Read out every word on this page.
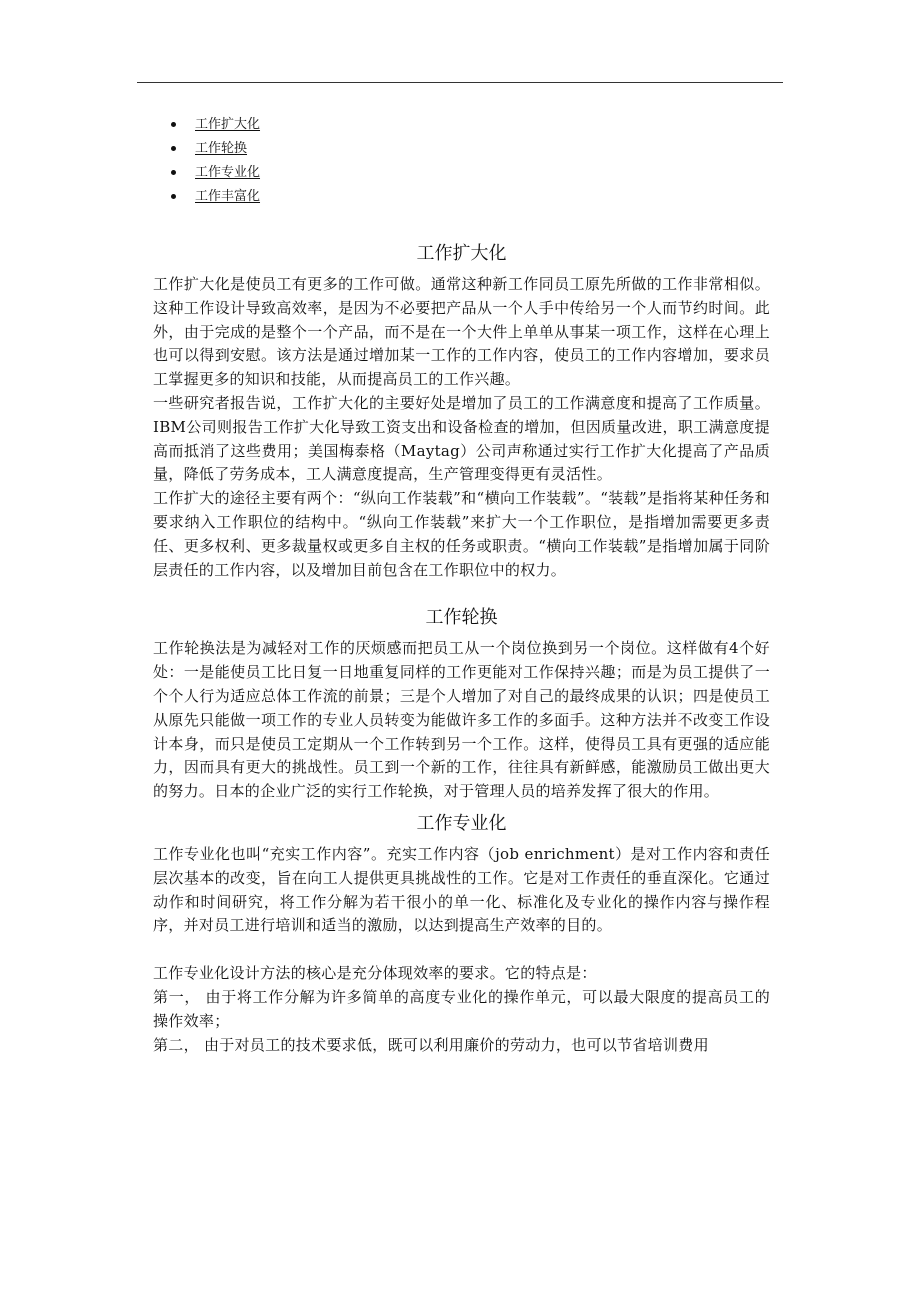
工作扩大化
工作轮换
工作专业化
工作丰富化
工作扩大化

工作扩大化是使员工有更多的工作可做。通常这种新工作同员工原先所做的工作非常相似。这种工作设计导致高效率，是因为不必要把产品从一个人手中传给另一个人而节约时间。此外，由于完成的是整个一个产品，而不是在一个大件上单单从事某一项工作，这样在心理上也可以得到安慰。该方法是通过增加某一工作的工作内容，使员工的工作内容增加，要求员工掌握更多的知识和技能，从而提高员工的工作兴趣。

一些研究者报告说，工作扩大化的主要好处是增加了员工的工作满意度和提高了工作质量。IBM公司则报告工作扩大化导致工资支出和设备检查的增加，但因质量改进，职工满意度提高而抵消了这些费用；美国梅泰格（Maytag）公司声称通过实行工作扩大化提高了产品质量，降低了劳务成本，工人满意度提高，生产管理变得更有灵活性。

工作扩大的途径主要有两个：“纵向工作装载”和“横向工作装载”。“装载”是指将某种任务和要求纳入工作职位的结构中。“纵向工作装载”来扩大一个工作职位，是指增加需要更多责任、更多权利、更多裁量权或更多自主权的任务或职责。“横向工作装载”是指增加属于同阶层责任的工作内容，以及增加目前包含在工作职位中的权力。

工作轮换

工作轮换法是为减轻对工作的厌烦感而把员工从一个岗位换到另一个岗位。这样做有4个好处：一是能使员工比日复一日地重复同样的工作更能对工作保持兴趣；而是为员工提供了一个个人行为适应总体工作流的前景；三是个人增加了对自己的最终成果的认识；四是使员工从原先只能做一项工作的专业人员转变为能做许多工作的多面手。这种方法并不改变工作设计本身，而只是使员工定期从一个工作转到另一个工作。这样，使得员工具有更强的适应能力，因而具有更大的挑战性。员工到一个新的工作，往往具有新鲜感，能激励员工做出更大的努力。日本的企业广泛的实行工作轮换，对于管理人员的培养发挥了很大的作用。

工作专业化

工作专业化也叫“充实工作内容”。充实工作内容（job enrichment）是对工作内容和责任层次基本的改变，旨在向工人提供更具挑战性的工作。它是对工作责任的垂直深化。它通过动作和时间研究，将工作分解为若干很小的单一化、标准化及专业化的操作内容与操作程序，并对员工进行培训和适当的激励，以达到提高生产效率的目的。

工作专业化设计方法的核心是充分体现效率的要求。它的特点是：

第一， 由于将工作分解为许多简单的高度专业化的操作单元，可以最大限度的提高员工的操作效率；

第二， 由于对员工的技术要求低，既可以利用廉价的劳动力，也可以节省培训费用
